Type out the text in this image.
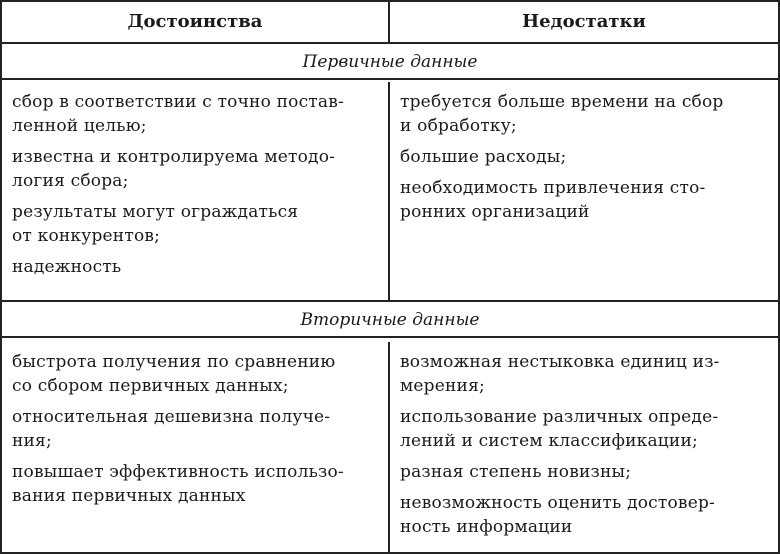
Достоинства	Недостатки
Первичные данные
сбор в соответствии с точно постав-
ленной целью;
известна и контролируема методо-
логия сбора;
результаты могут ограждаться
от конкурентов;
надежность
требуется больше времени на сбор
и обработку;
большие расходы;
необходимость привлечения сто-
ронних организаций
Вторичные данные
быстрота получения по сравнению
со сбором первичных данных;
относительная дешевизна получе-
ния;
повышает эффективность использо-
вания первичных данных
возможная нестыковка единиц из-
мерения;
использование различных опреде-
лений и систем классификации;
разная степень новизны;
невозможность оценить достовер-
ность информации
